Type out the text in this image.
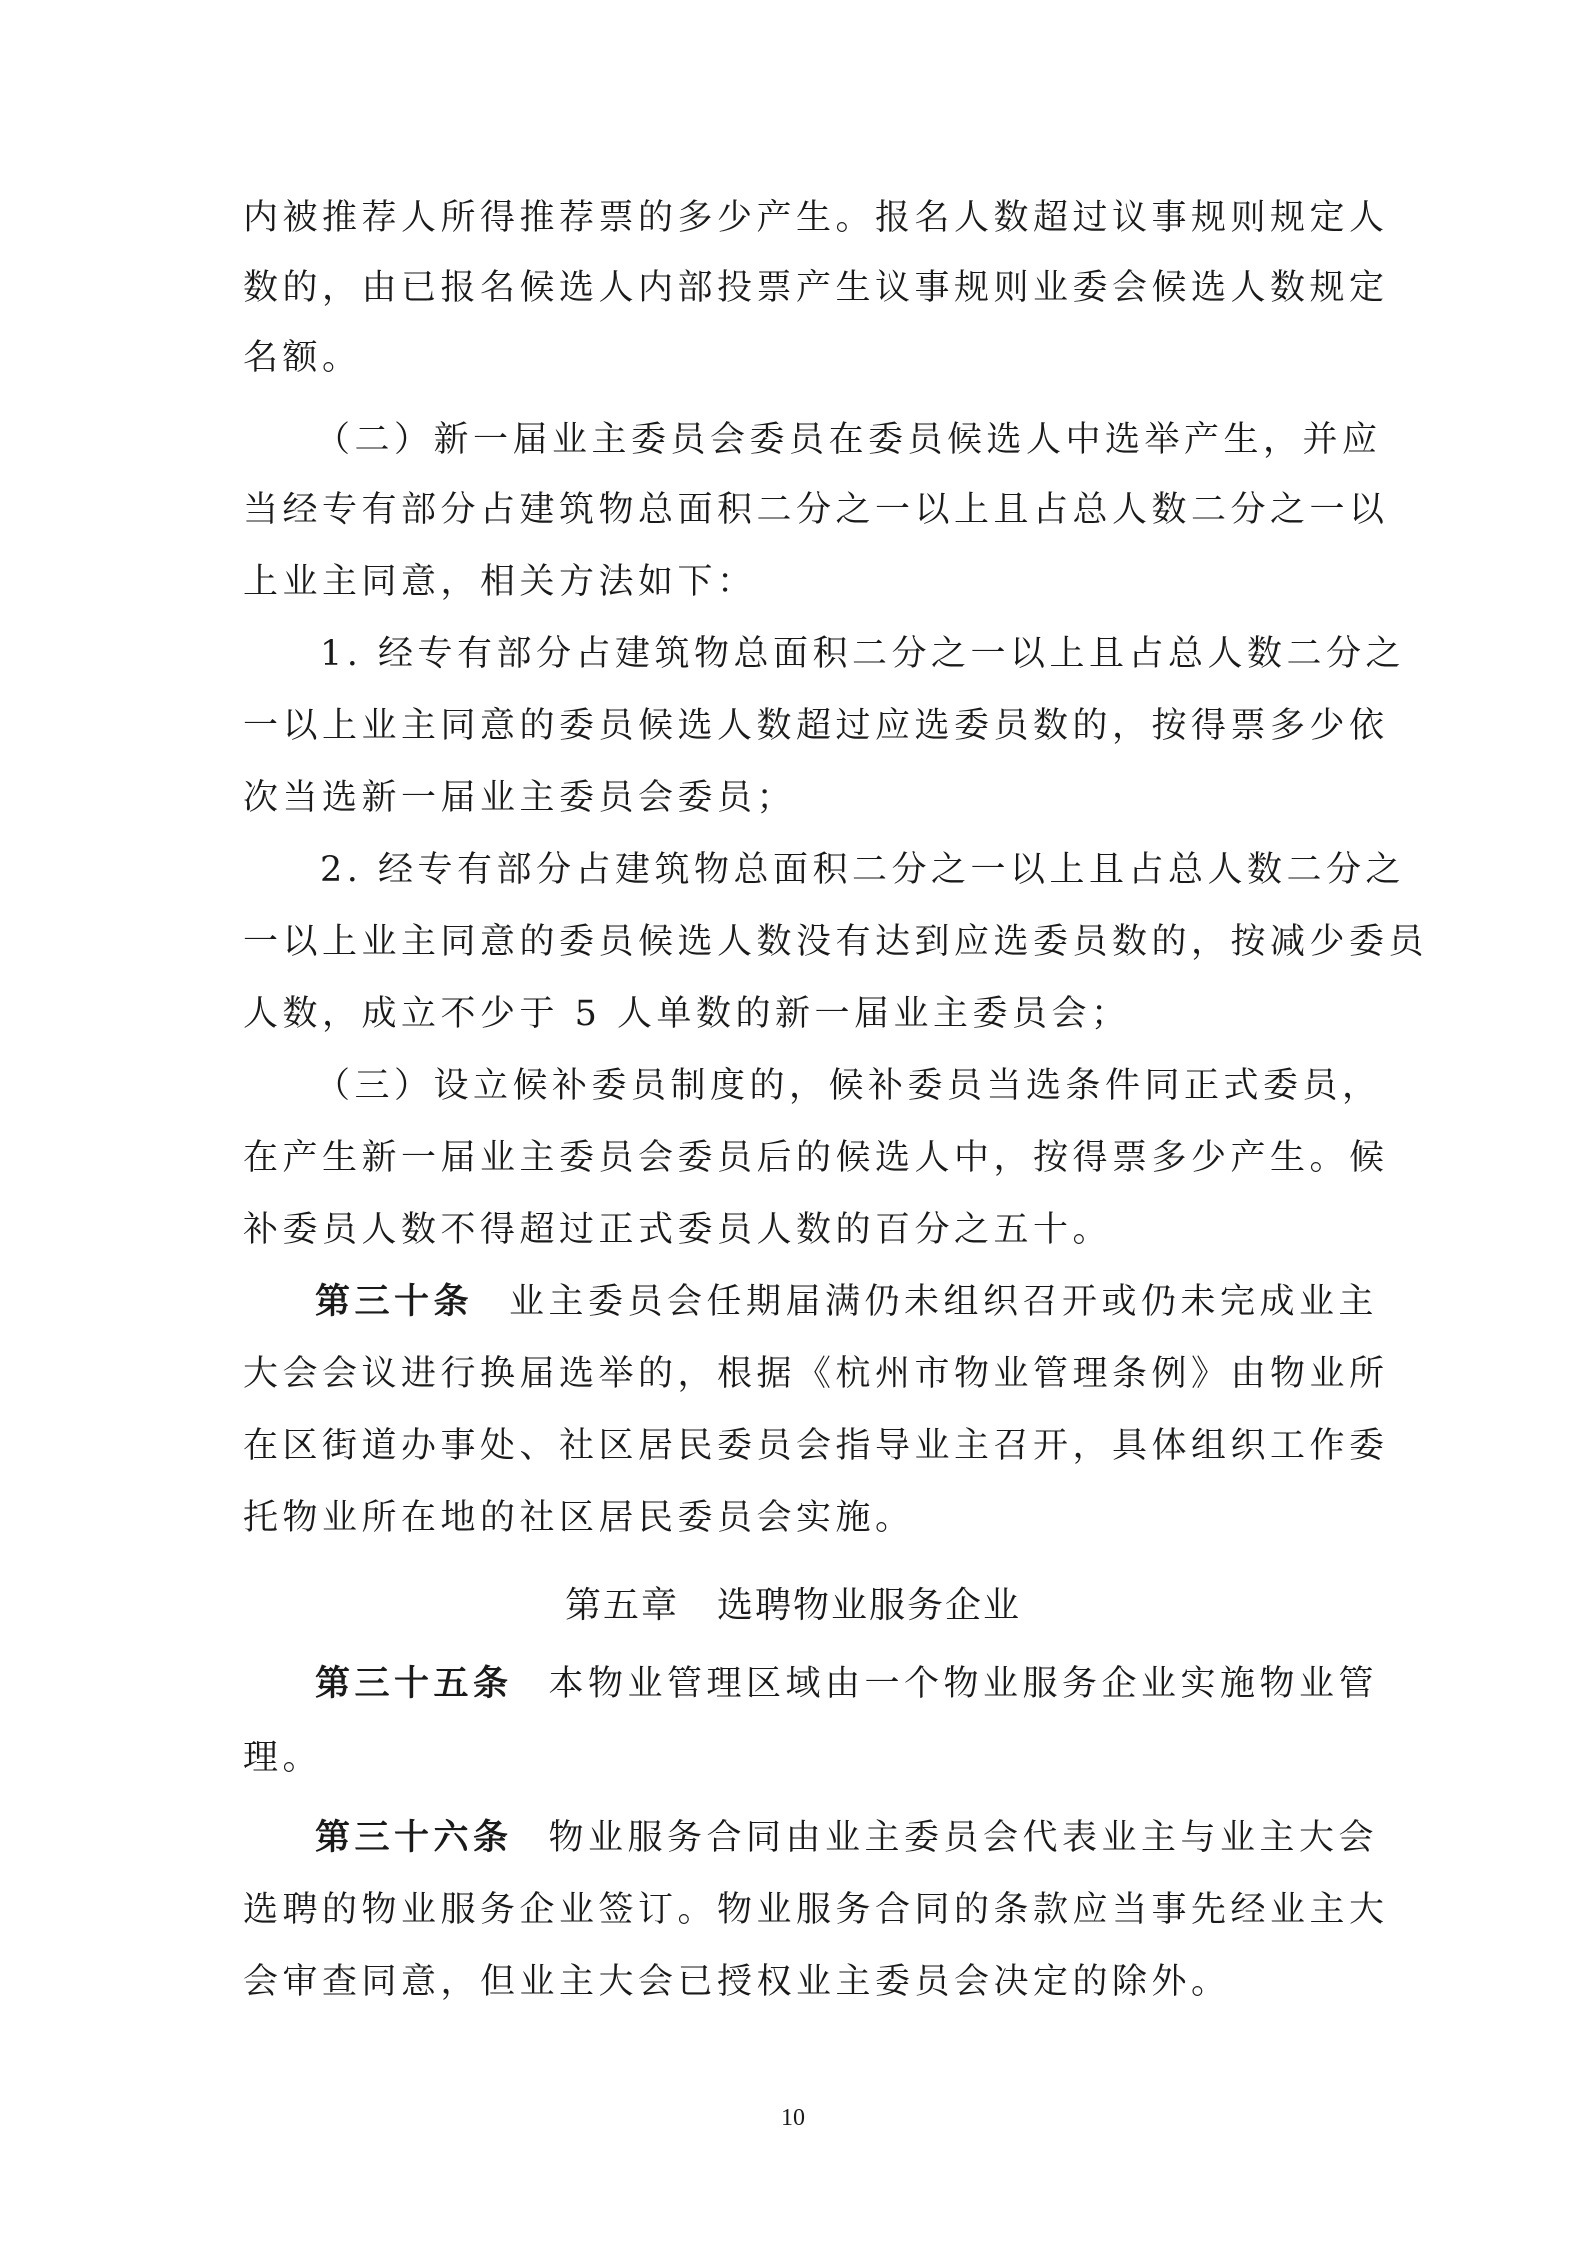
内被推荐人所得推荐票的多少产生。报名人数超过议事规则规定人
数的，由已报名候选人内部投票产生议事规则业委会候选人数规定
名额。
（二）新一届业主委员会委员在委员候选人中选举产生，并应
当经专有部分占建筑物总面积二分之一以上且占总人数二分之一以
上业主同意，相关方法如下：
1. 经专有部分占建筑物总面积二分之一以上且占总人数二分之
一以上业主同意的委员候选人数超过应选委员数的，按得票多少依
次当选新一届业主委员会委员；
2. 经专有部分占建筑物总面积二分之一以上且占总人数二分之
一以上业主同意的委员候选人数没有达到应选委员数的，按减少委员
人数，成立不少于 5 人单数的新一届业主委员会；
（三）设立候补委员制度的，候补委员当选条件同正式委员，
在产生新一届业主委员会委员后的候选人中，按得票多少产生。候
补委员人数不得超过正式委员人数的百分之五十。
第三十条 业主委员会任期届满仍未组织召开或仍未完成业主
大会会议进行换届选举的，根据《杭州市物业管理条例》由物业所
在区街道办事处、社区居民委员会指导业主召开，具体组织工作委
托物业所在地的社区居民委员会实施。
第五章　选聘物业服务企业
第三十五条 本物业管理区域由一个物业服务企业实施物业管
理。
第三十六条 物业服务合同由业主委员会代表业主与业主大会
选聘的物业服务企业签订。物业服务合同的条款应当事先经业主大
会审查同意，但业主大会已授权业主委员会决定的除外。
10
